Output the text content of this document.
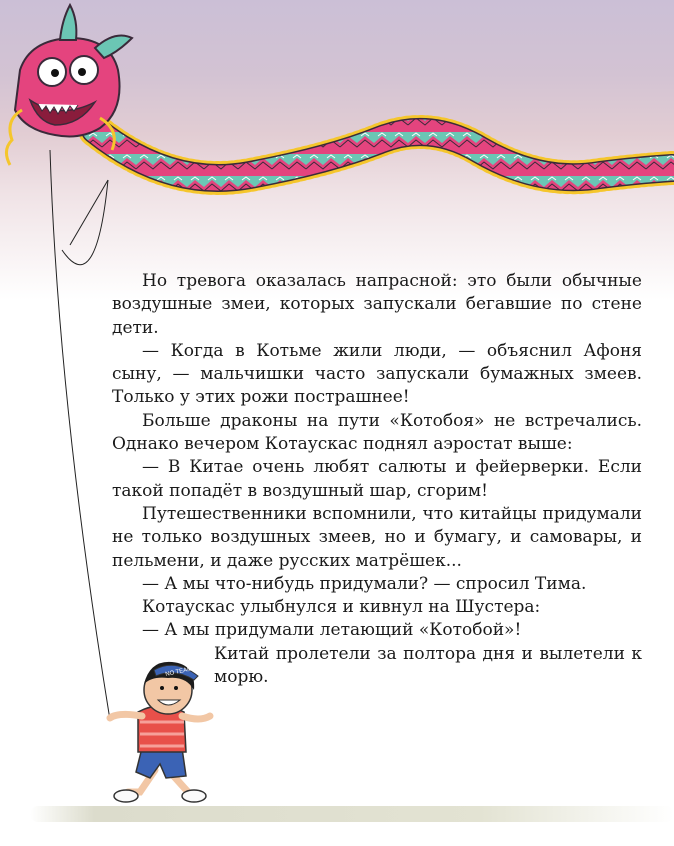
NO TEAM

Но тревога оказалась напрасной: это были обычные воздушные змеи, которых запускали бегавшие по стене дети.

— Когда в Котьме жили люди, — объяснил Афоня сыну, — мальчишки часто запускали бумажных змеев. Только у этих рожи пострашнее!

Больше драконы на пути «Котобоя» не встречались. Однако вечером Котаускас поднял аэростат выше:

— В Китае очень любят салюты и фейерверки. Если такой попадёт в воздушный шар, сгорим!

Путешественники вспомнили, что китайцы придумали не только воздушных змеев, но и бумагу, и самовары, и пельмени, и даже русских матрёшек...

— А мы что-нибудь придумали? — спросил Тима.

Котаускас улыбнулся и кивнул на Шустера:

— А мы придумали летающий «Котобой»!

Китай пролетели за полтора дня и вылетели к морю.
